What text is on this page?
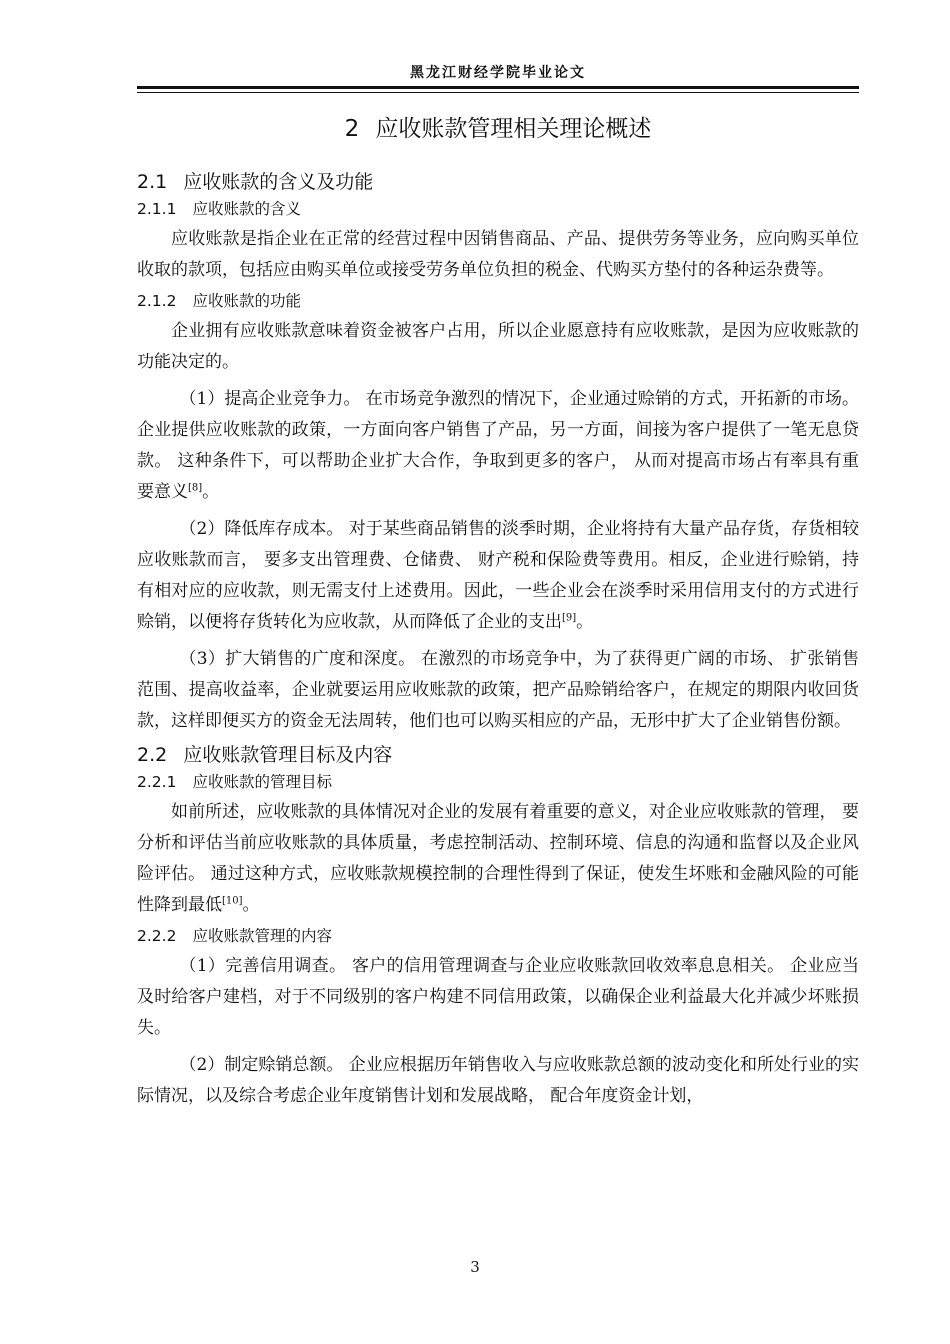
黑龙江财经学院毕业论文
2 应收账款管理相关理论概述
2.1 应收账款的含义及功能
2.1.1 应收账款的含义

应收账款是指企业在正常的经营过程中因销售商品、产品、提供劳务等业务，应向购买单位收取的款项，包括应由购买单位或接受劳务单位负担的税金、代购买方垫付的各种运杂费等。

2.1.2 应收账款的功能

企业拥有应收账款意味着资金被客户占用，所以企业愿意持有应收账款，是因为应收账款的功能决定的。

（1）提高企业竞争力。 在市场竞争激烈的情况下，企业通过赊销的方式，开拓新的市场。企业提供应收账款的政策，一方面向客户销售了产品，另一方面，间接为客户提供了一笔无息贷款。 这种条件下，可以帮助企业扩大合作，争取到更多的客户， 从而对提高市场占有率具有重要意义[8]。

（2）降低库存成本。 对于某些商品销售的淡季时期，企业将持有大量产品存货，存货相较应收账款而言， 要多支出管理费、仓储费、 财产税和保险费等费用。相反，企业进行赊销，持有相对应的应收款，则无需支付上述费用。因此，一些企业会在淡季时采用信用支付的方式进行赊销，以便将存货转化为应收款，从而降低了企业的支出[9]。

（3）扩大销售的广度和深度。 在激烈的市场竞争中，为了获得更广阔的市场、 扩张销售范围、提高收益率，企业就要运用应收账款的政策，把产品赊销给客户，在规定的期限内收回货款，这样即便买方的资金无法周转，他们也可以购买相应的产品，无形中扩大了企业销售份额。

2.2 应收账款管理目标及内容
2.2.1 应收账款的管理目标

如前所述，应收账款的具体情况对企业的发展有着重要的意义，对企业应收账款的管理， 要分析和评估当前应收账款的具体质量，考虑控制活动、控制环境、信息的沟通和监督以及企业风险评估。 通过这种方式，应收账款规模控制的合理性得到了保证，使发生坏账和金融风险的可能性降到最低[10]。

2.2.2 应收账款管理的内容

（1）完善信用调查。 客户的信用管理调查与企业应收账款回收效率息息相关。 企业应当及时给客户建档，对于不同级别的客户构建不同信用政策，以确保企业利益最大化并减少坏账损失。

（2）制定赊销总额。 企业应根据历年销售收入与应收账款总额的波动变化和所处行业的实际情况，以及综合考虑企业年度销售计划和发展战略， 配合年度资金计划，

3
